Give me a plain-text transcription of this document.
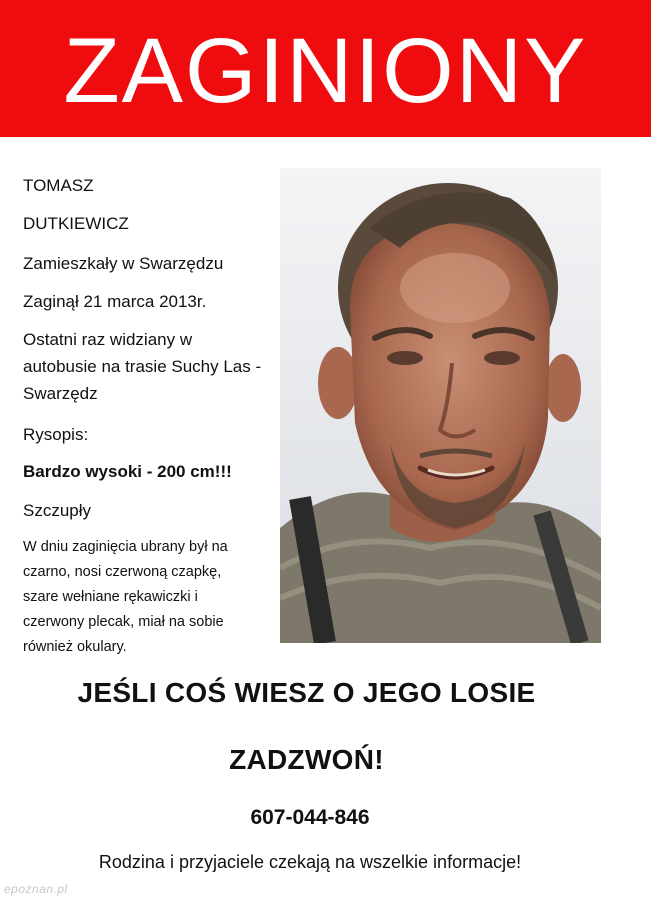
ZAGINIONY
TOMASZ
DUTKIEWICZ
Zamieszkały w Swarzędzu
Zaginął 21 marca 2013r.
Ostatni raz widziany w
autobusie na trasie Suchy Las -
Swarzędz
Rysopis:
Bardzo wysoki - 200 cm!!!
Szczupły
W dniu zaginięcia ubrany był na
czarno, nosi czerwoną czapkę,
szare wełniane rękawiczki i
czerwony plecak, miał na sobie
również okulary.
JEŚLI COŚ WIESZ O JEGO LOSIE
ZADZWOŃ!
607-044-846
Rodzina i przyjaciele czekają na wszelkie informacje!
epoznan.pl
